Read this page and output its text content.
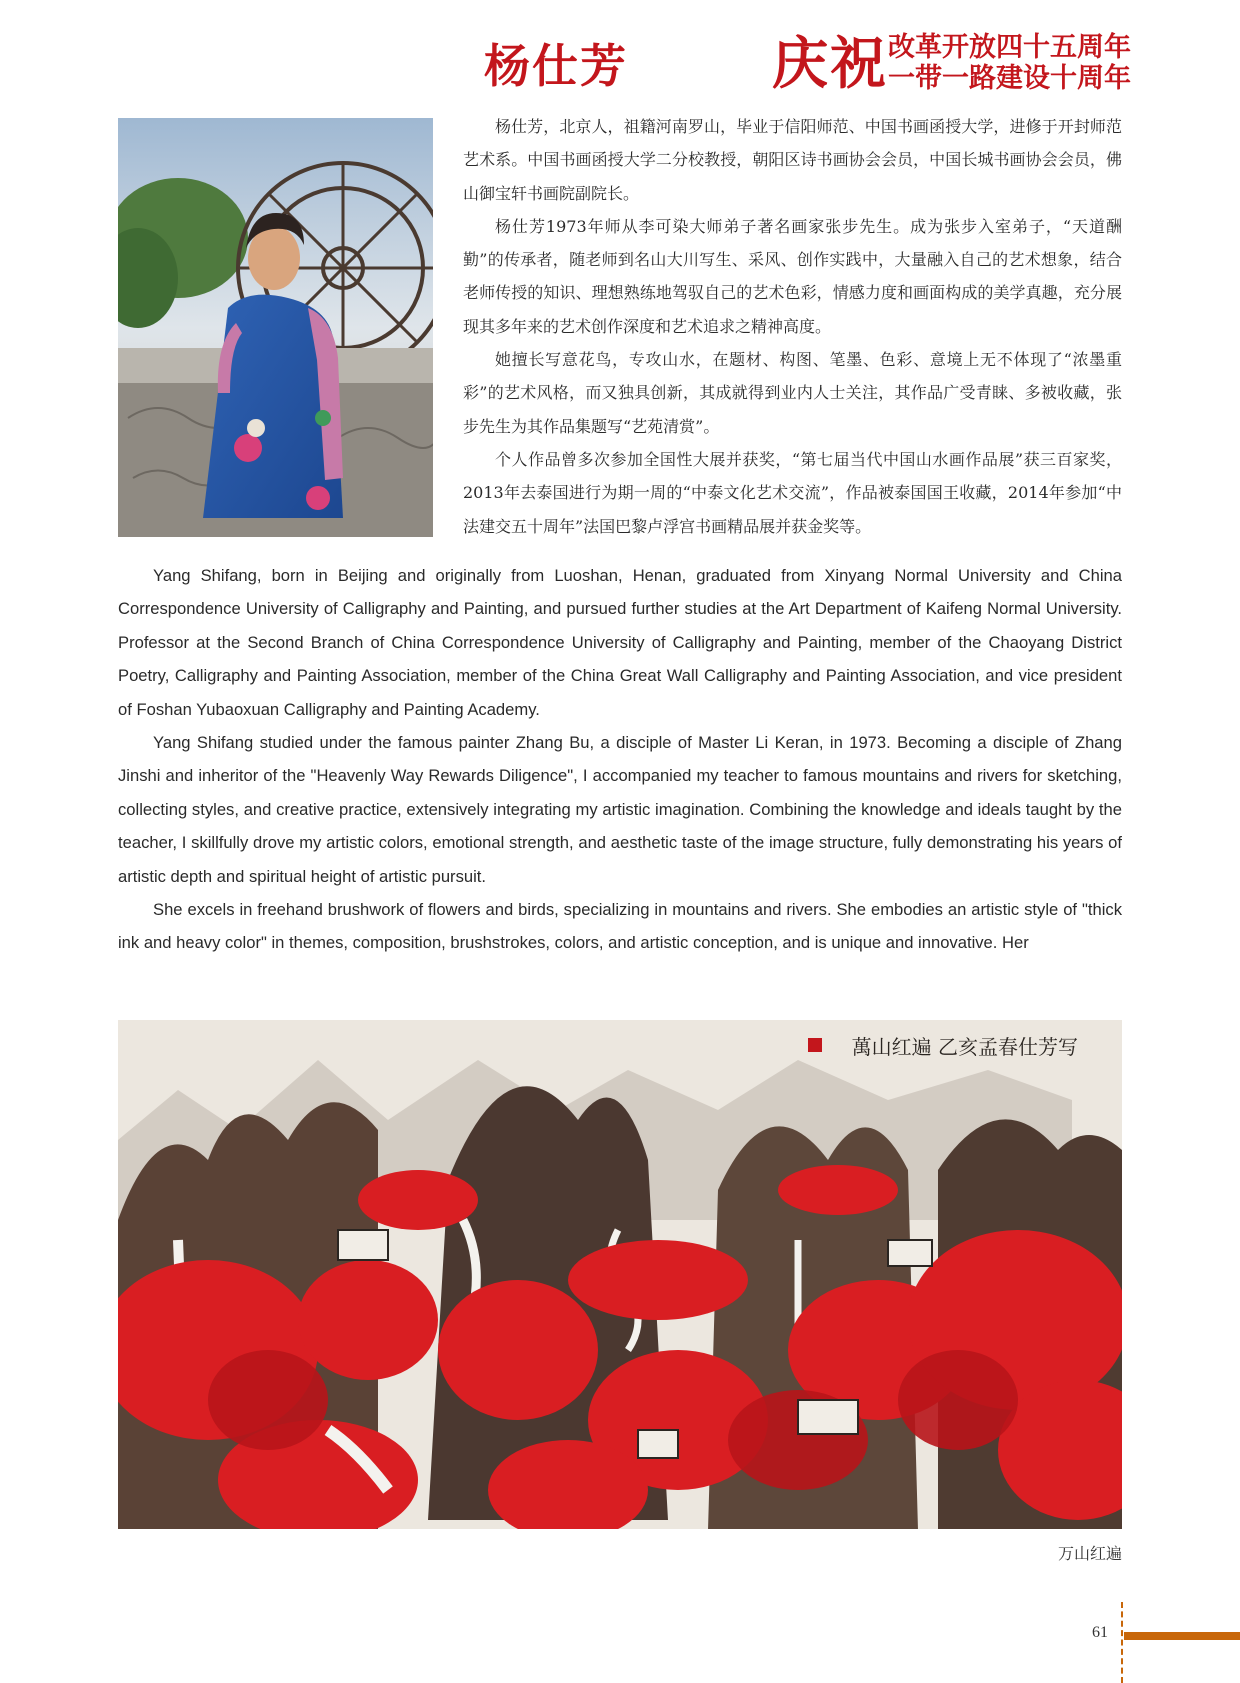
杨仕芳	庆祝 改革开放四十五周年
一带一路建设十周年

杨仕芳，北京人，祖籍河南罗山，毕业于信阳师范、中国书画函授大学，进修于开封师范艺术系。中国书画函授大学二分校教授，朝阳区诗书画协会会员，中国长城书画协会会员，佛山御宝轩书画院副院长。

杨仕芳1973年师从李可染大师弟子著名画家张步先生。成为张步入室弟子，“天道酬勤”的传承者，随老师到名山大川写生、采风、创作实践中，大量融入自己的艺术想象，结合老师传授的知识、理想熟练地驾驭自己的艺术色彩，情感力度和画面构成的美学真趣，充分展现其多年来的艺术创作深度和艺术追求之精神高度。

她擅长写意花鸟，专攻山水，在题材、构图、笔墨、色彩、意境上无不体现了“浓墨重彩”的艺术风格，而又独具创新，其成就得到业内人士关注，其作品广受青睐、多被收藏，张步先生为其作品集题写“艺苑清赏”。

个人作品曾多次参加全国性大展并获奖，“第七届当代中国山水画作品展”获三百家奖，2013年去泰国进行为期一周的“中泰文化艺术交流”，作品被泰国国王收藏，2014年参加“中法建交五十周年”法国巴黎卢浮宫书画精品展并获金奖等。

Yang Shifang, born in Beijing and originally from Luoshan, Henan, graduated from Xinyang Normal University and China Correspondence University of Calligraphy and Painting, and pursued further studies at the Art Department of Kaifeng Normal University. Professor at the Second Branch of China Correspondence University of Calligraphy and Painting, member of the Chaoyang District Poetry, Calligraphy and Painting Association, member of the China Great Wall Calligraphy and Painting Association, and vice president of Foshan Yubaoxuan Calligraphy and Painting Academy.

Yang Shifang studied under the famous painter Zhang Bu, a disciple of Master Li Keran, in 1973. Becoming a disciple of Zhang Jinshi and inheritor of the "Heavenly Way Rewards Diligence", I accompanied my teacher to famous mountains and rivers for sketching, collecting styles, and creative practice, extensively integrating my artistic imagination. Combining the knowledge and ideals taught by the teacher, I skillfully drove my artistic colors, emotional strength, and aesthetic taste of the image structure, fully demonstrating his years of artistic depth and spiritual height of artistic pursuit.

She excels in freehand brushwork of flowers and birds, specializing in mountains and rivers. She embodies an artistic style of "thick ink and heavy color" in themes, composition, brushstrokes, colors, and artistic conception, and is unique and innovative. Her

萬山红遍 乙亥孟春仕芳写
万山红遍
61
